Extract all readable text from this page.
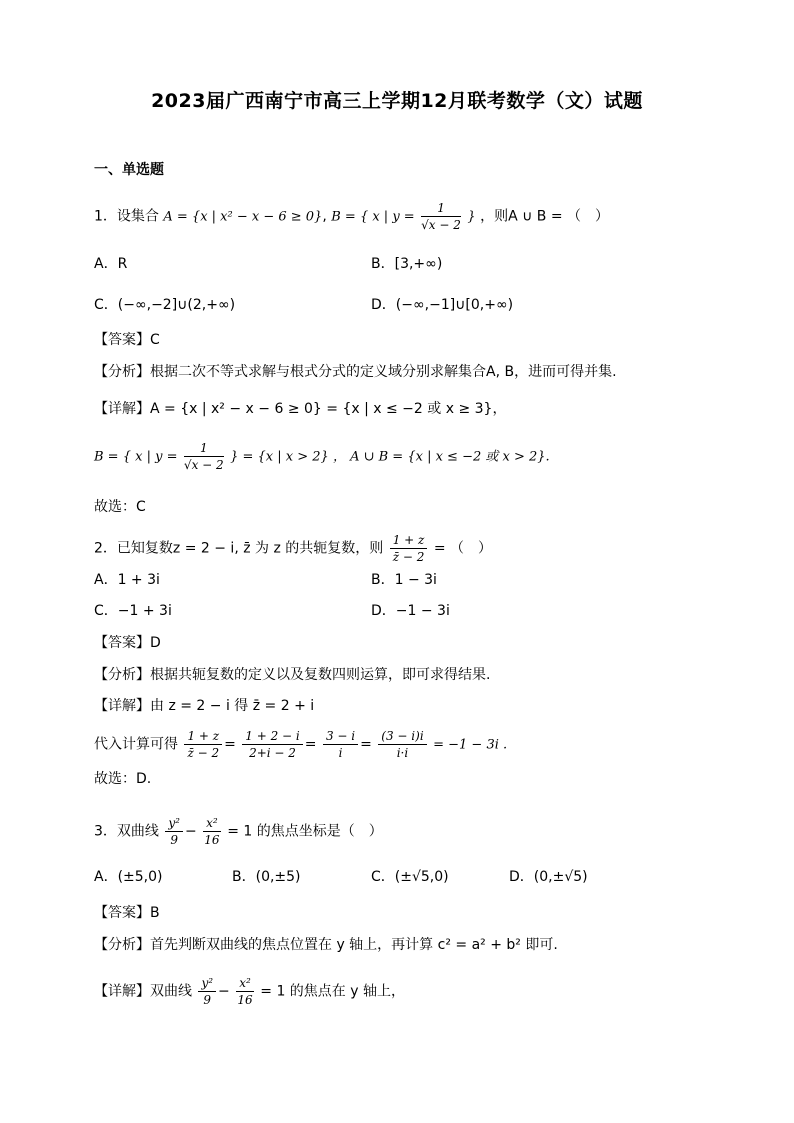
2023届广西南宁市高三上学期12月联考数学（文）试题
一、单选题
1．设集合 A = {x | x² − x − 6 ≥ 0}, B = { x | $y = \frac{1}{√x - 2}$ } ，则A ∪ B = （　）
A．R	B．[3,+∞)
C．(−∞,−2]∪(2,+∞)	D．(−∞,−1]∪[0,+∞)
【答案】C
【分析】根据二次不等式求解与根式分式的定义域分别求解集合A, B，进而可得并集.
【详解】A = {x | x² − x − 6 ≥ 0} = {x | x ≤ −2 或 x ≥ 3}，
B = { x | $y = \frac{1}{√x - 2}$ } = {x | x > 2} ， A ∪ B = {x | x ≤ −2 或 x > 2}.
故选：C
2．已知复数z = 2 − i, z̄ 为 z 的共轭复数，则 $\frac{1 + z}{z̄ - 2}$ = （　）
A．1 + 3i	B．1 − 3i
C．−1 + 3i	D．−1 − 3i
【答案】D
【分析】根据共轭复数的定义以及复数四则运算，即可求得结果.
【详解】由 z = 2 − i 得 z̄ = 2 + i
代入计算可得 $\frac{1 + z}{z̄ - 2} = \frac{1 + 2 - i}{2+i - 2} = \frac{3 - i}{i} = \frac{(3 - i)i}{i\cdot i} = -1 - 3i$ .
故选：D.
3．双曲线 $\frac{\text{y²}}{9} - \frac{\text{x²}}{16} = 1$ 的焦点坐标是（　）
A．(±5,0)	B．(0,±5)	C．(±√5,0)	D．(0,±√5)
【答案】B
【分析】首先判断双曲线的焦点位置在 y 轴上，再计算 c² = a² + b² 即可.
【详解】双曲线 $\frac{\text{y²}}{9} - \frac{\text{x²}}{16} = 1$ 的焦点在 y 轴上，
